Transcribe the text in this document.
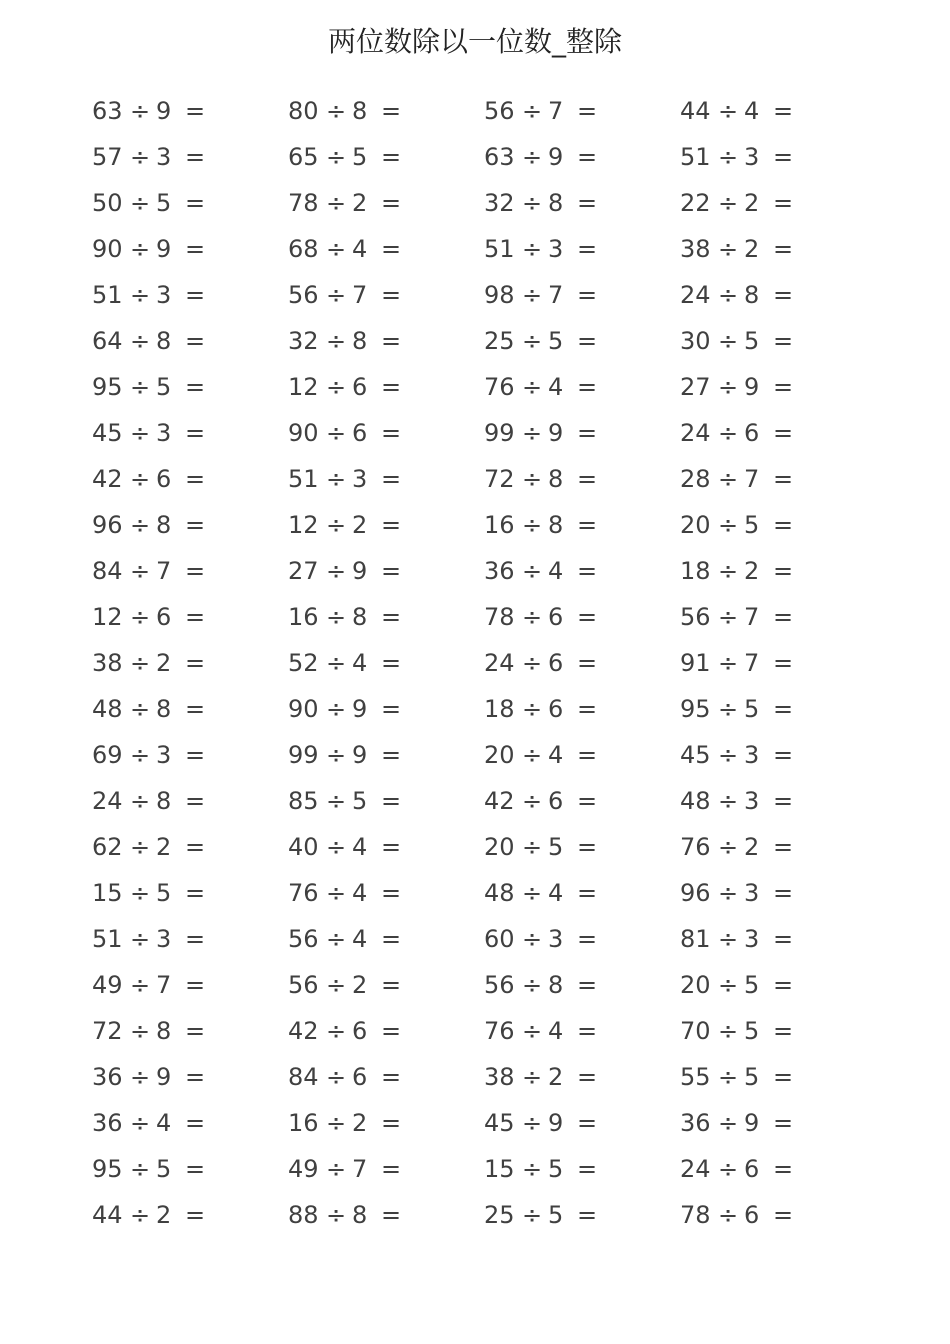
两位数除以一位数_整除
63 ÷ 9 =	80 ÷ 8 =	56 ÷ 7 =	44 ÷ 4 =
57 ÷ 3 =	65 ÷ 5 =	63 ÷ 9 =	51 ÷ 3 =
50 ÷ 5 =	78 ÷ 2 =	32 ÷ 8 =	22 ÷ 2 =
90 ÷ 9 =	68 ÷ 4 =	51 ÷ 3 =	38 ÷ 2 =
51 ÷ 3 =	56 ÷ 7 =	98 ÷ 7 =	24 ÷ 8 =
64 ÷ 8 =	32 ÷ 8 =	25 ÷ 5 =	30 ÷ 5 =
95 ÷ 5 =	12 ÷ 6 =	76 ÷ 4 =	27 ÷ 9 =
45 ÷ 3 =	90 ÷ 6 =	99 ÷ 9 =	24 ÷ 6 =
42 ÷ 6 =	51 ÷ 3 =	72 ÷ 8 =	28 ÷ 7 =
96 ÷ 8 =	12 ÷ 2 =	16 ÷ 8 =	20 ÷ 5 =
84 ÷ 7 =	27 ÷ 9 =	36 ÷ 4 =	18 ÷ 2 =
12 ÷ 6 =	16 ÷ 8 =	78 ÷ 6 =	56 ÷ 7 =
38 ÷ 2 =	52 ÷ 4 =	24 ÷ 6 =	91 ÷ 7 =
48 ÷ 8 =	90 ÷ 9 =	18 ÷ 6 =	95 ÷ 5 =
69 ÷ 3 =	99 ÷ 9 =	20 ÷ 4 =	45 ÷ 3 =
24 ÷ 8 =	85 ÷ 5 =	42 ÷ 6 =	48 ÷ 3 =
62 ÷ 2 =	40 ÷ 4 =	20 ÷ 5 =	76 ÷ 2 =
15 ÷ 5 =	76 ÷ 4 =	48 ÷ 4 =	96 ÷ 3 =
51 ÷ 3 =	56 ÷ 4 =	60 ÷ 3 =	81 ÷ 3 =
49 ÷ 7 =	56 ÷ 2 =	56 ÷ 8 =	20 ÷ 5 =
72 ÷ 8 =	42 ÷ 6 =	76 ÷ 4 =	70 ÷ 5 =
36 ÷ 9 =	84 ÷ 6 =	38 ÷ 2 =	55 ÷ 5 =
36 ÷ 4 =	16 ÷ 2 =	45 ÷ 9 =	36 ÷ 9 =
95 ÷ 5 =	49 ÷ 7 =	15 ÷ 5 =	24 ÷ 6 =
44 ÷ 2 =	88 ÷ 8 =	25 ÷ 5 =	78 ÷ 6 =
